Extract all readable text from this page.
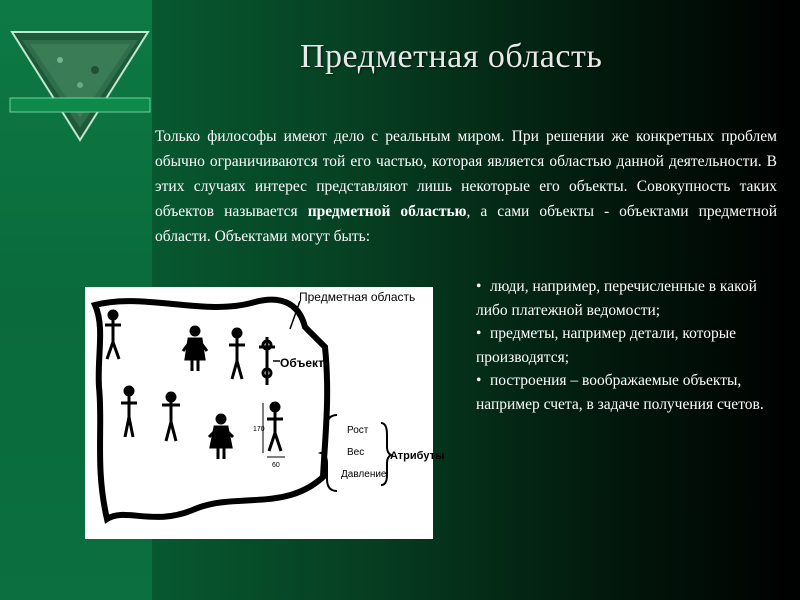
Предметная область
Только философы имеют дело с реальным миром. При решении же конкретных проблем обычно ограничиваются той его частью, которая является областью данной деятельности. В этих случаях интерес представляют лишь некоторые его объекты. Совокупность таких объектов называется предметной областью, а сами объекты - объектами предметной области. Объектами могут быть:
Предметная область
Объект
170
60
Рост
Вес
Давление
Атрибуты
• люди, например, перечисленные в какой либо платежной ведомости;
• предметы, например детали, которые производятся;
• построения – воображаемые объекты, например счета, в задаче получения счетов.
